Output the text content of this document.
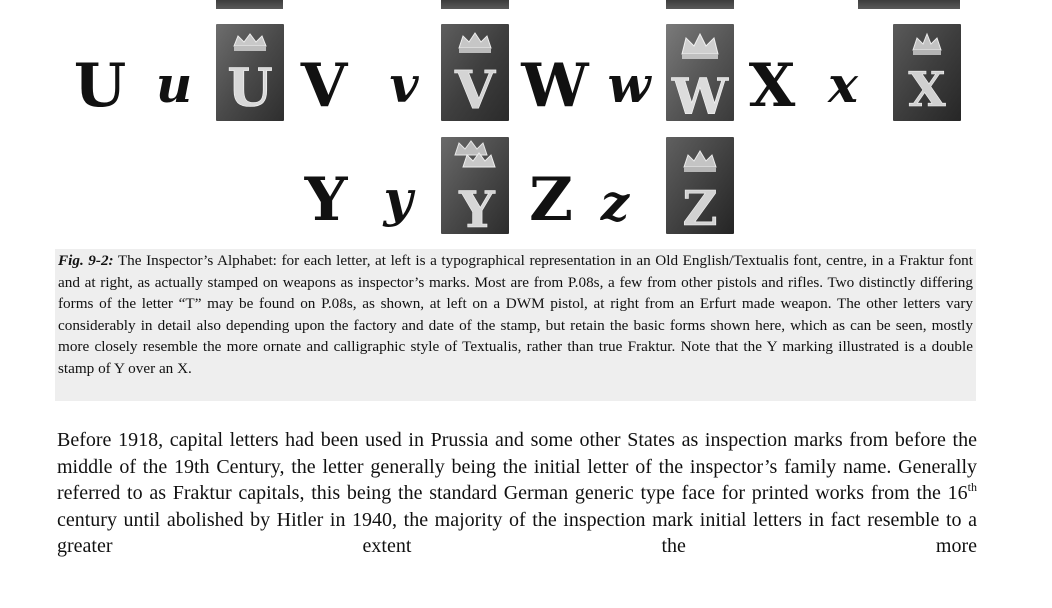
U u U V v V W w W X x	X
Y y Y Z z	Z
Fig. 9-2: The Inspector’s Alphabet: for each letter, at left is a typographical representation in an Old English/Textualis font, centre, in a Fraktur font and at right, as actually stamped on weapons as inspector’s marks. Most are from P.08s, a few from other pistols and rifles. Two distinctly differing forms of the letter “T” may be found on P.08s, as shown, at left on a DWM pistol, at right from an Erfurt made weapon. The other letters vary considerably in detail also depending upon the factory and date of the stamp, but retain the basic forms shown here, which as can be seen, mostly more closely resemble the more ornate and calligraphic style of Textualis, rather than true Fraktur. Note that the Y marking illustrated is a double stamp of Y over an X.
Before 1918, capital letters had been used in Prussia and some other States as inspection marks from before the middle of the 19th Century, the letter generally being the initial letter of the inspector’s family name. Generally referred to as Fraktur capitals, this being the standard German generic type face for printed works from the 16th century until abolished by Hitler in 1940, the majority of the inspection mark initial letters in fact resemble to a greater extent the more
